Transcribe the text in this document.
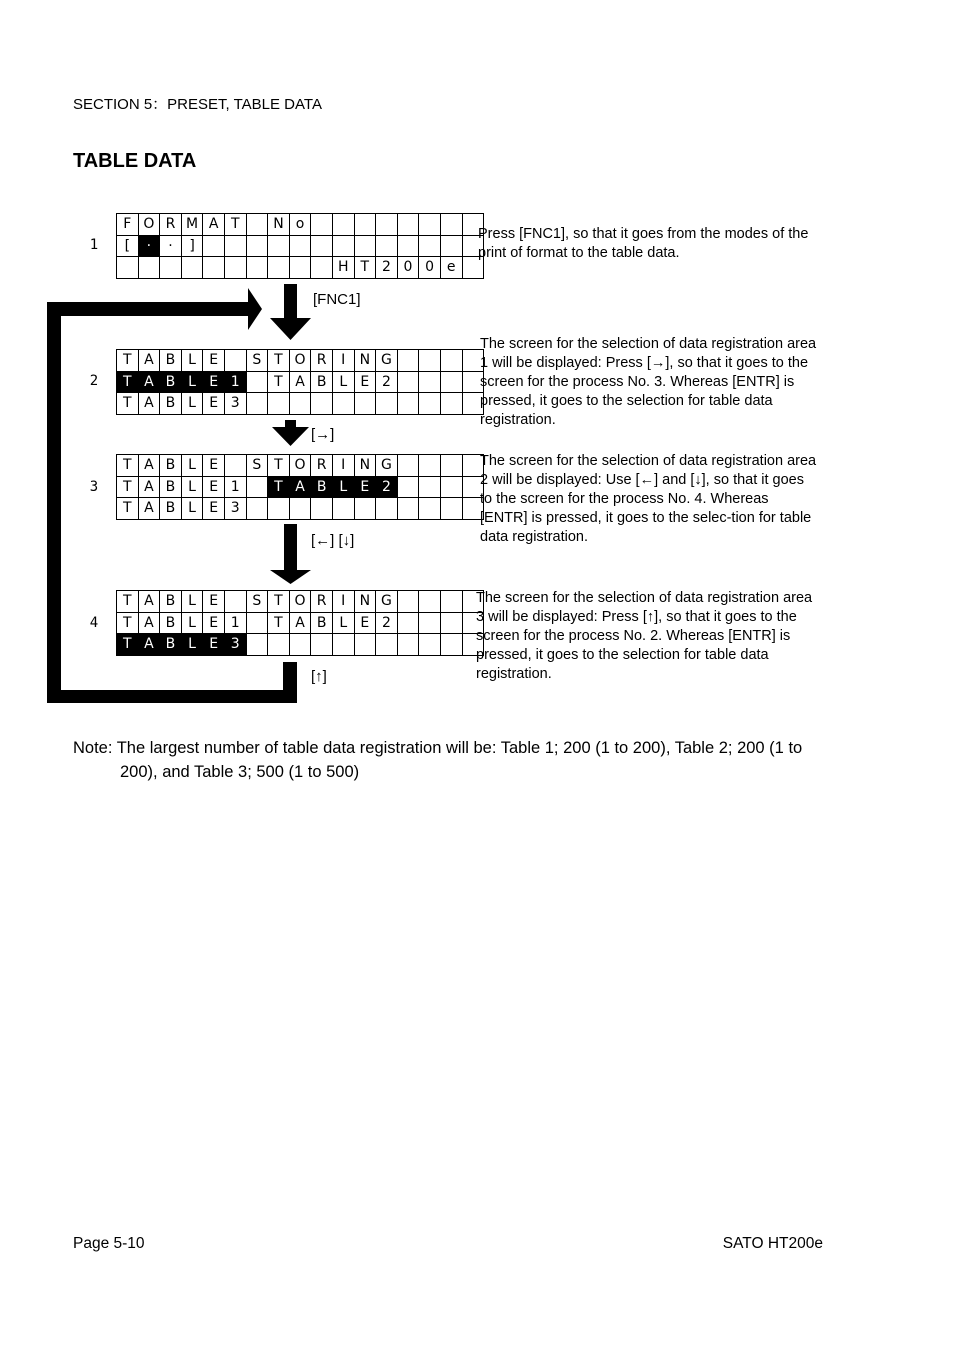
SECTION 5：PRESET, TABLE DATA
TABLE DATA
[FNC1]
[→]
[←] [↓]
[↑]
1
F	O	R	M	A	T		N	o								
[	·	·	]													
										H	T	2	0	0	e	
Press [FNC1], so that it goes from the modes of the print of format to the table data.
2
T	A	B	L	E		S	T	O	R	I	N	G				
T	A	B	L	E	1		T	A	B	L	E	2				
T	A	B	L	E	3											
The screen for the selection of data registration area 1 will be displayed: Press [→], so that it goes to the screen for the process No. 3. Whereas [ENTR] is pressed, it goes to the selection for table data registration.
3
T	A	B	L	E		S	T	O	R	I	N	G				
T	A	B	L	E	1		T	A	B	L	E	2				
T	A	B	L	E	3											
The screen for the selection of data registration area 2 will be displayed: Use [←] and [↓], so that it goes to the screen for the process No. 4. Whereas [ENTR] is pressed, it goes to the selec-tion for table data registration.
4
T	A	B	L	E		S	T	O	R	I	N	G				
T	A	B	L	E	1		T	A	B	L	E	2				
T	A	B	L	E	3											
The screen for the selection of data registration area 3 will be displayed: Press [↑], so that it goes to the screen for the process No. 2. Whereas [ENTR] is pressed, it goes to the selection for table data registration.
Note: The largest number of table data registration will be: Table 1; 200 (1 to 200), Table 2; 200 (1 to 200), and Table 3; 500 (1 to 500)
Page 5-10	SATO HT200e
